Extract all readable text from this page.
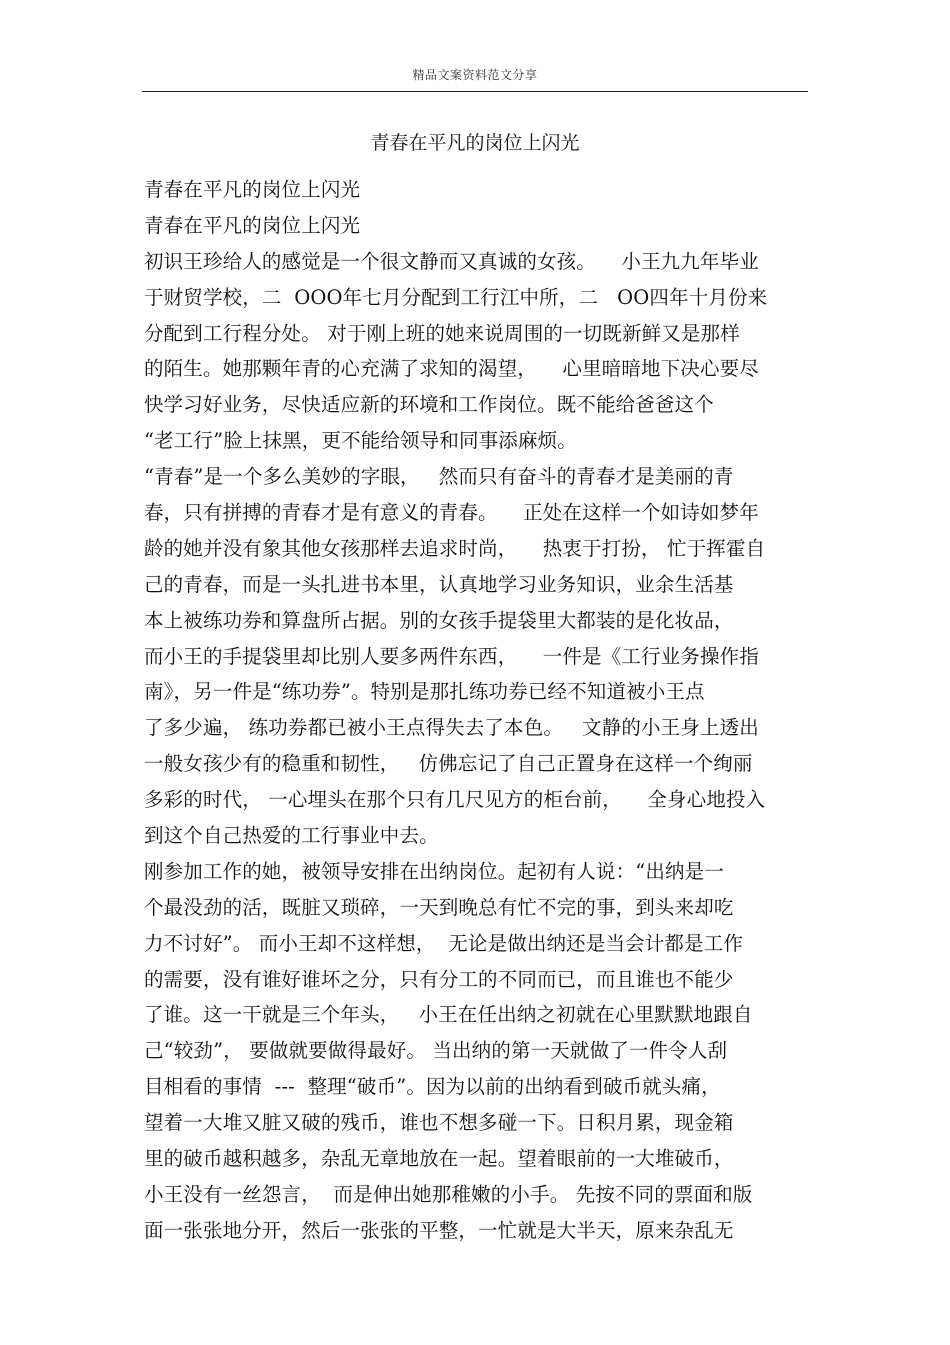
精品文案资料范文分享
青春在平凡的岗位上闪光
青春在平凡的岗位上闪光
青春在平凡的岗位上闪光
初识王珍给人的感觉是一个很文静而又真诚的女孩。    小王九九年毕业
于财贸学校，二  OOO年七月分配到工行江中所，二   OO四年十月份来
分配到工行程分处。 对于刚上班的她来说周围的一切既新鲜又是那样
的陌生。她那颗年青的心充满了求知的渴望，    心里暗暗地下决心要尽
快学习好业务，尽快适应新的环境和工作岗位。既不能给爸爸这个
“老工行”脸上抹黑，更不能给领导和同事添麻烦。
“青春”是一个多么美妙的字眼，   然而只有奋斗的青春才是美丽的青
春，只有拼搏的青春才是有意义的青春。    正处在这样一个如诗如梦年
龄的她并没有象其他女孩那样去追求时尚，    热衷于打扮， 忙于挥霍自
己的青春，而是一头扎进书本里，认真地学习业务知识，业余生活基
本上被练功券和算盘所占据。别的女孩手提袋里大都装的是化妆品，
而小王的手提袋里却比别人要多两件东西，    一件是《工行业务操作指
南》，另一件是“练功券”。特别是那扎练功券已经不知道被小王点
了多少遍， 练功券都已被小王点得失去了本色。   文静的小王身上透出
一般女孩少有的稳重和韧性，   仿佛忘记了自己正置身在这样一个绚丽
多彩的时代， 一心埋头在那个只有几尺见方的柜台前，    全身心地投入
到这个自己热爱的工行事业中去。
刚参加工作的她，被领导安排在出纳岗位。起初有人说：“出纳是一
个最没劲的活，既脏又琐碎，一天到晚总有忙不完的事，到头来却吃
力不讨好”。 而小王却不这样想，  无论是做出纳还是当会计都是工作
的需要，没有谁好谁坏之分，只有分工的不同而已，而且谁也不能少
了谁。这一干就是三个年头，   小王在任出纳之初就在心里默默地跟自
己“较劲”， 要做就要做得最好。 当出纳的第一天就做了一件令人刮
目相看的事情  ---  整理“破币”。因为以前的出纳看到破币就头痛，
望着一大堆又脏又破的残币，谁也不想多碰一下。日积月累，现金箱
里的破币越积越多，杂乱无章地放在一起。望着眼前的一大堆破币，
小王没有一丝怨言，  而是伸出她那稚嫩的小手。 先按不同的票面和版
面一张张地分开，然后一张张的平整，一忙就是大半天，原来杂乱无
